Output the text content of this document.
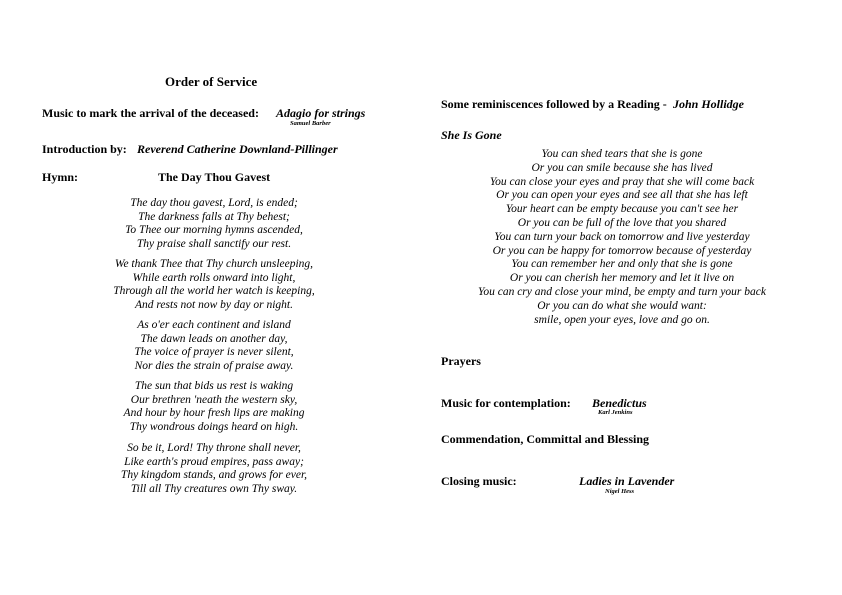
Order of Service
Music to mark the arrival of the deceased: Adagio for strings
Samuel Barber
Introduction by: Reverend Catherine Downland-Pillinger
Hymn:	The Day Thou Gavest
The day thou gavest, Lord, is ended;
The darkness falls at Thy behest;
To Thee our morning hymns ascended,
Thy praise shall sanctify our rest.
We thank Thee that Thy church unsleeping,
While earth rolls onward into light,
Through all the world her watch is keeping,
And rests not now by day or night.
As o'er each continent and island
The dawn leads on another day,
The voice of prayer is never silent,
Nor dies the strain of praise away.
The sun that bids us rest is waking
Our brethren 'neath the western sky,
And hour by hour fresh lips are making
Thy wondrous doings heard on high.
So be it, Lord! Thy throne shall never,
Like earth's proud empires, pass away;
Thy kingdom stands, and grows for ever,
Till all Thy creatures own Thy sway.
Some reminiscences followed by a Reading - John Hollidge
She Is Gone
You can shed tears that she is gone
Or you can smile because she has lived
You can close your eyes and pray that she will come back
Or you can open your eyes and see all that she has left
Your heart can be empty because you can't see her
Or you can be full of the love that you shared
You can turn your back on tomorrow and live yesterday
Or you can be happy for tomorrow because of yesterday
You can remember her and only that she is gone
Or you can cherish her memory and let it live on
You can cry and close your mind, be empty and turn your back
Or you can do what she would want:
smile, open your eyes, love and go on.
Prayers
Music for contemplation: Benedictus
Karl Jenkins
Commendation, Committal and Blessing
Closing music:	Ladies in Lavender
Nigel Hess
